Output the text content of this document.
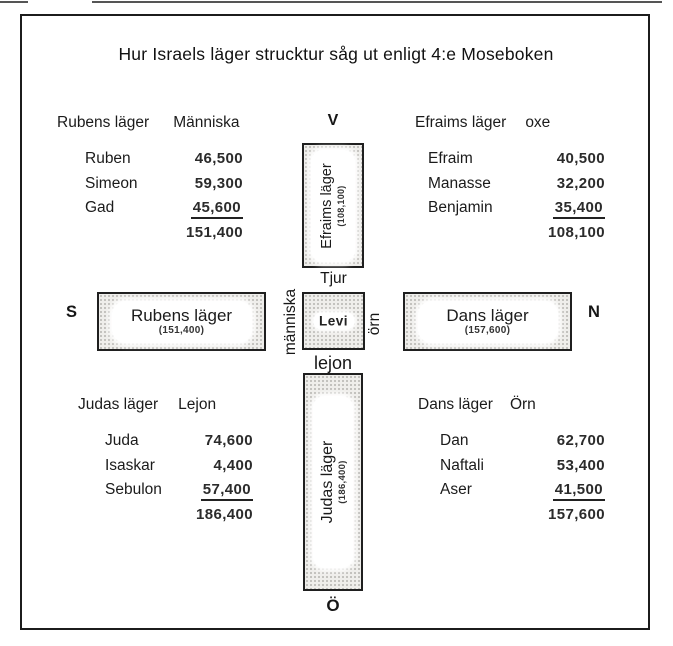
Hur Israels läger strucktur såg ut enligt 4:e Moseboken
Rubens läger Människa
Ruben	46,500
Simeon	59,300
Gad	45,600
151,400
Efraims läger oxe
Efraim	40,500
Manasse	32,200
Benjamin	35,400
108,100
Judas läger Lejon
Juda	74,600
Isaskar	4,400
Sebulon	57,400
186,400
Dans läger Örn
Dan	62,700
Naftali	53,400
Aser	41,500
157,600
V
S	N
Ö
Tjur
människa	örn
lejon
Efraims läger (108,100)
Rubens läger
(151,400)
Levi	Dans läger
(157,600)
Judas läger (186,400)
